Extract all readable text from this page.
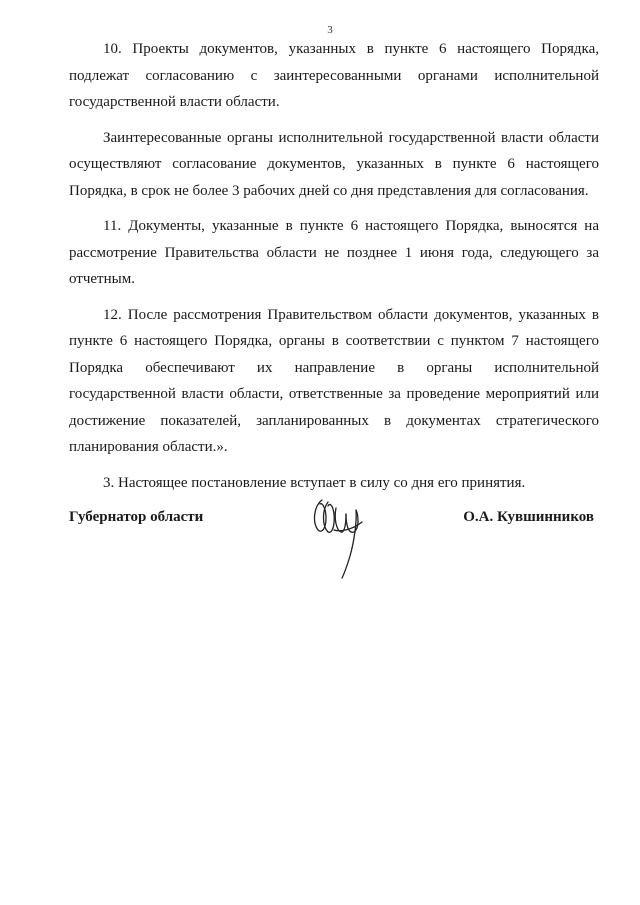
3

10. Проекты документов, указанных в пункте 6 настоящего Порядка, подлежат согласованию с заинтересованными органами исполнительной государственной власти области.

Заинтересованные органы исполнительной государственной власти области осуществляют согласование документов, указанных в пункте 6 настоящего Порядка, в срок не более 3 рабочих дней со дня представления для согласования.

11. Документы, указанные в пункте 6 настоящего Порядка, выносятся на рассмотрение Правительства области не позднее 1 июня года, следующего за отчетным.

12. После рассмотрения Правительством области документов, указанных в пункте 6 настоящего Порядка, органы в соответствии с пунктом 7 настоящего Порядка обеспечивают их направление в органы исполнительной государственной власти области, ответственные за проведение мероприятий или достижение показателей, запланированных в документах стратегического планирования области.».

3. Настоящее постановление вступает в силу со дня его принятия.

Губернатор области	О.А. Кувшинников
